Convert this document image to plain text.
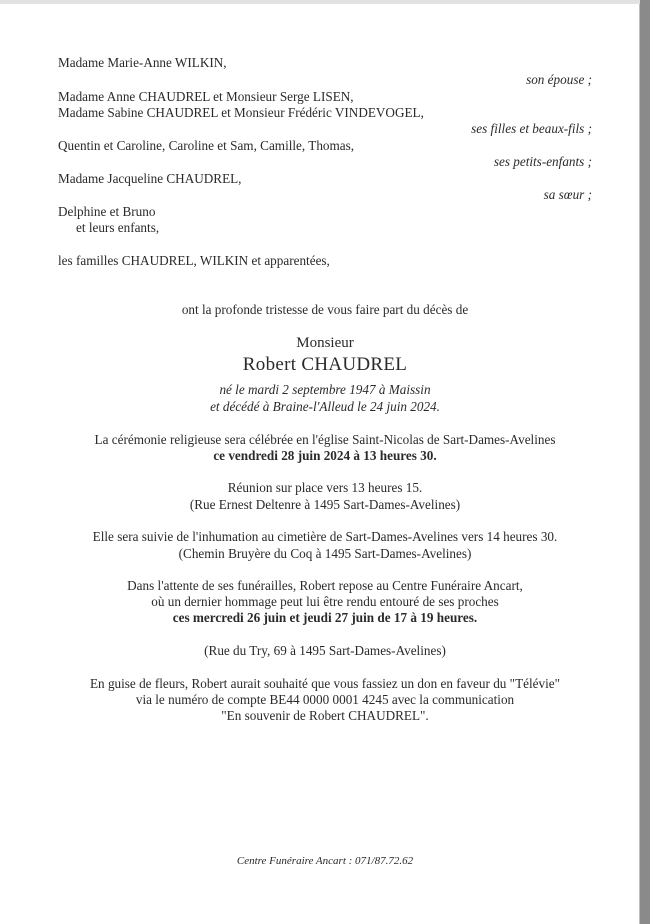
Madame Marie-Anne WILKIN,
son épouse ;
Madame Anne CHAUDREL et Monsieur Serge LISEN,
Madame Sabine CHAUDREL et Monsieur Frédéric VINDEVOGEL,
ses filles et beaux-fils ;
Quentin et Caroline, Caroline et Sam, Camille, Thomas,
ses petits-enfants ;
Madame Jacqueline CHAUDREL,
sa sœur ;
Delphine et Bruno
et leurs enfants,
les familles CHAUDREL, WILKIN et apparentées,
ont la profonde tristesse de vous faire part du décès de
Monsieur
Robert CHAUDREL
né le mardi 2 septembre 1947 à Maissin
et décédé à Braine-l'Alleud le 24 juin 2024.
La cérémonie religieuse sera célébrée en l'église Saint-Nicolas de Sart-Dames-Avelines
ce vendredi 28 juin 2024 à 13 heures 30.
Réunion sur place vers 13 heures 15.
(Rue Ernest Deltenre à 1495 Sart-Dames-Avelines)
Elle sera suivie de l'inhumation au cimetière de Sart-Dames-Avelines vers 14 heures 30.
(Chemin Bruyère du Coq à 1495 Sart-Dames-Avelines)
Dans l'attente de ses funérailles, Robert repose au Centre Funéraire Ancart,
où un dernier hommage peut lui être rendu entouré de ses proches
ces mercredi 26 juin et jeudi 27 juin de 17 à 19 heures.
(Rue du Try, 69 à 1495 Sart-Dames-Avelines)
En guise de fleurs, Robert aurait souhaité que vous fassiez un don en faveur du "Télévie"
via le numéro de compte BE44 0000 0001 4245 avec la communication
"En souvenir de Robert CHAUDREL".
Centre Funéraire Ancart : 071/87.72.62
